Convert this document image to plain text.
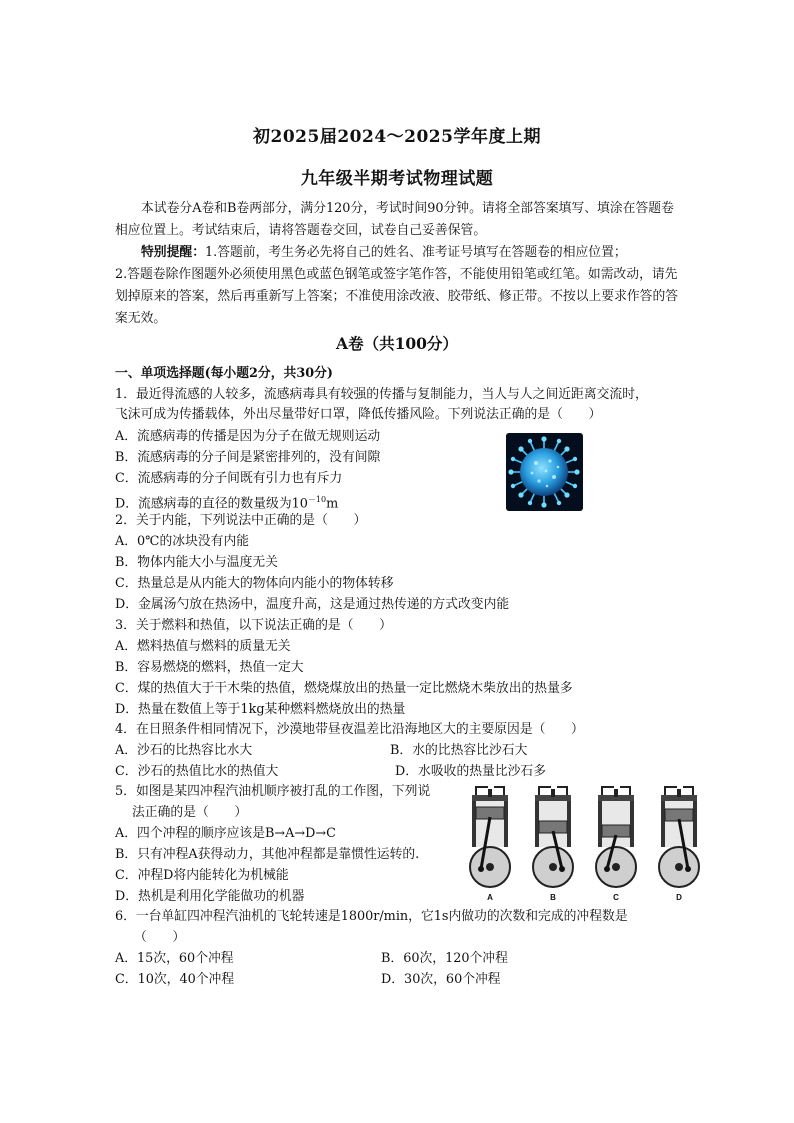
初2025届2024～2025学年度上期
九年级半期考试物理试题
本试卷分A卷和B卷两部分，满分120分，考试时间90分钟。请将全部答案填写、填涂在答题卷相应位置上。考试结束后，请将答题卷交回，试卷自己妥善保管。
特别提醒：1.答题前，考生务必先将自己的姓名、准考证号填写在答题卷的相应位置；
2.答题卷除作图题外必须使用黑色或蓝色钢笔或签字笔作答，不能使用铅笔或红笔。如需改动，请先划掉原来的答案，然后再重新写上答案；不准使用涂改液、胶带纸、修正带。不按以上要求作答的答案无效。
A卷（共100分）
一、单项选择题(每小题2分，共30分)
1．最近得流感的人较多，流感病毒具有较强的传播与复制能力，当人与人之间近距离交流时，
飞沫可成为传播载体，外出尽量带好口罩，降低传播风险。下列说法正确的是（　　）
A．流感病毒的传播是因为分子在做无规则运动
B．流感病毒的分子间是紧密排列的，没有间隙
C．流感病毒的分子间既有引力也有斥力
D．流感病毒的直径的数量级为$10^{-10}m$
2．关于内能，下列说法中正确的是（　　）
A．0℃的冰块没有内能
B．物体内能大小与温度无关
C．热量总是从内能大的物体向内能小的物体转移
D．金属汤勺放在热汤中，温度升高，这是通过热传递的方式改变内能
3．关于燃料和热值，以下说法正确的是（　　）
A．燃料热值与燃料的质量无关
B．容易燃烧的燃料，热值一定大
C．煤的热值大于干木柴的热值，燃烧煤放出的热量一定比燃烧木柴放出的热量多
D．热量在数值上等于1kg某种燃料燃烧放出的热量
4．在日照条件相同情况下，沙漠地带昼夜温差比沿海地区大的主要原因是（　　）
A．沙石的比热容比水大	B．水的比热容比沙石大
C．沙石的热值比水的热值大	D．水吸收的热量比沙石多
5．如图是某四冲程汽油机顺序被打乱的工作图，下列说
法正确的是（　　）
A．四个冲程的顺序应该是B→A→D→C
B．只有冲程A获得动力，其他冲程都是靠惯性运转的.
C．冲程D将内能转化为机械能
D．热机是利用化学能做功的机器	A	B	C	D
6．一台单缸四冲程汽油机的飞轮转速是1800r/min，它1s内做功的次数和完成的冲程数是
（　　）
A．15次，60个冲程	B．60次，120个冲程
C．10次，40个冲程	D．30次，60个冲程
